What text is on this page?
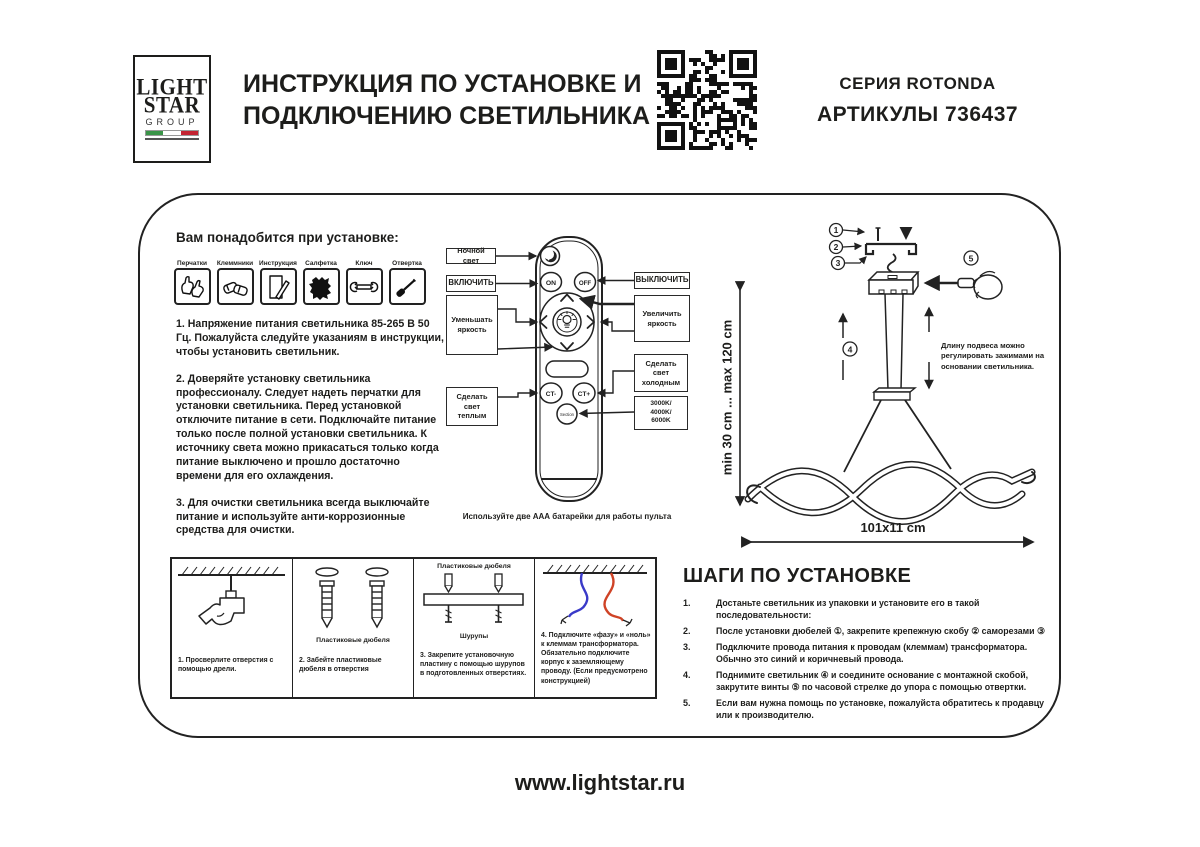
LIGHT
STAR
GROUP
ИНСТРУКЦИЯ ПО УСТАНОВКЕ И
ПОДКЛЮЧЕНИЮ СВЕТИЛЬНИКА
СЕРИЯ ROTONDA
АРТИКУЛЫ 736437
Вам понадобится при установке:
Перчатки Клеммники Инструкция Салфетка	Ключ	Отвертка

1. Напряжение питания светильника 85-265 В 50 Гц. Пожалуйста следуйте указаниям в инструкции, чтобы установить светильник.

2. Доверяйте установку светильника профессионалу. Следует надеть перчатки для установки светильника. Перед установкой отключите питание в сети. Подключайте питание только после полной установки светильника. К источнику света можно прикасаться только когда питание выключено и прошло достаточно времени для его охлаждения.

3. Для очистки светильника всегда выключайте питание и используйте анти-коррозионные средства для очистки.

ON	OFF
CT-	CT+
Section
1
2
3
4
5
Ночной свет
ВКЛЮЧИТЬ	ВЫКЛЮЧИТЬ
Уменьшать яркость
Увеличить яркость
Сделать свет теплым
Сделать свет холодным
3000K/
4000K/
6000K
Используйте две ААА батарейки для работы пульта
min 30 cm ... max 120 cm
101x11 cm
Длину подвеса можно регулировать зажимами на основании светильника.
1. Просверлите отверстия с помощью дрели.
Пластиковые дюбеля
2. Забейте пластиковые дюбеля в отверстия
Пластиковые дюбеля
Шурупы
3. Закрепите установочную пластину с помощью шурупов в подготовленных отверстиях.
4. Подключите «фазу» и «ноль» к клеммам трансформатора. Обязательно подключите корпус к заземляющему проводу. (Если предусмотрено конструкцией)
ШАГИ ПО УСТАНОВКЕ
1.	Достаньте светильник из упаковки и установите его в такой последовательности:
2.	После установки дюбелей ①, закрепите крепежную скобу ② саморезами ③
3.	Подключите провода питания к проводам (клеммам) трансформатора. Обычно это синий и коричневый провода.
4.	Поднимите светильник ④ и соедините основание с монтажной скобой, закрутите винты ⑤ по часовой стрелке до упора с помощью отвертки.
5.	Если вам нужна помощь по установке, пожалуйста обратитесь к продавцу или к производителю.
www.lightstar.ru
